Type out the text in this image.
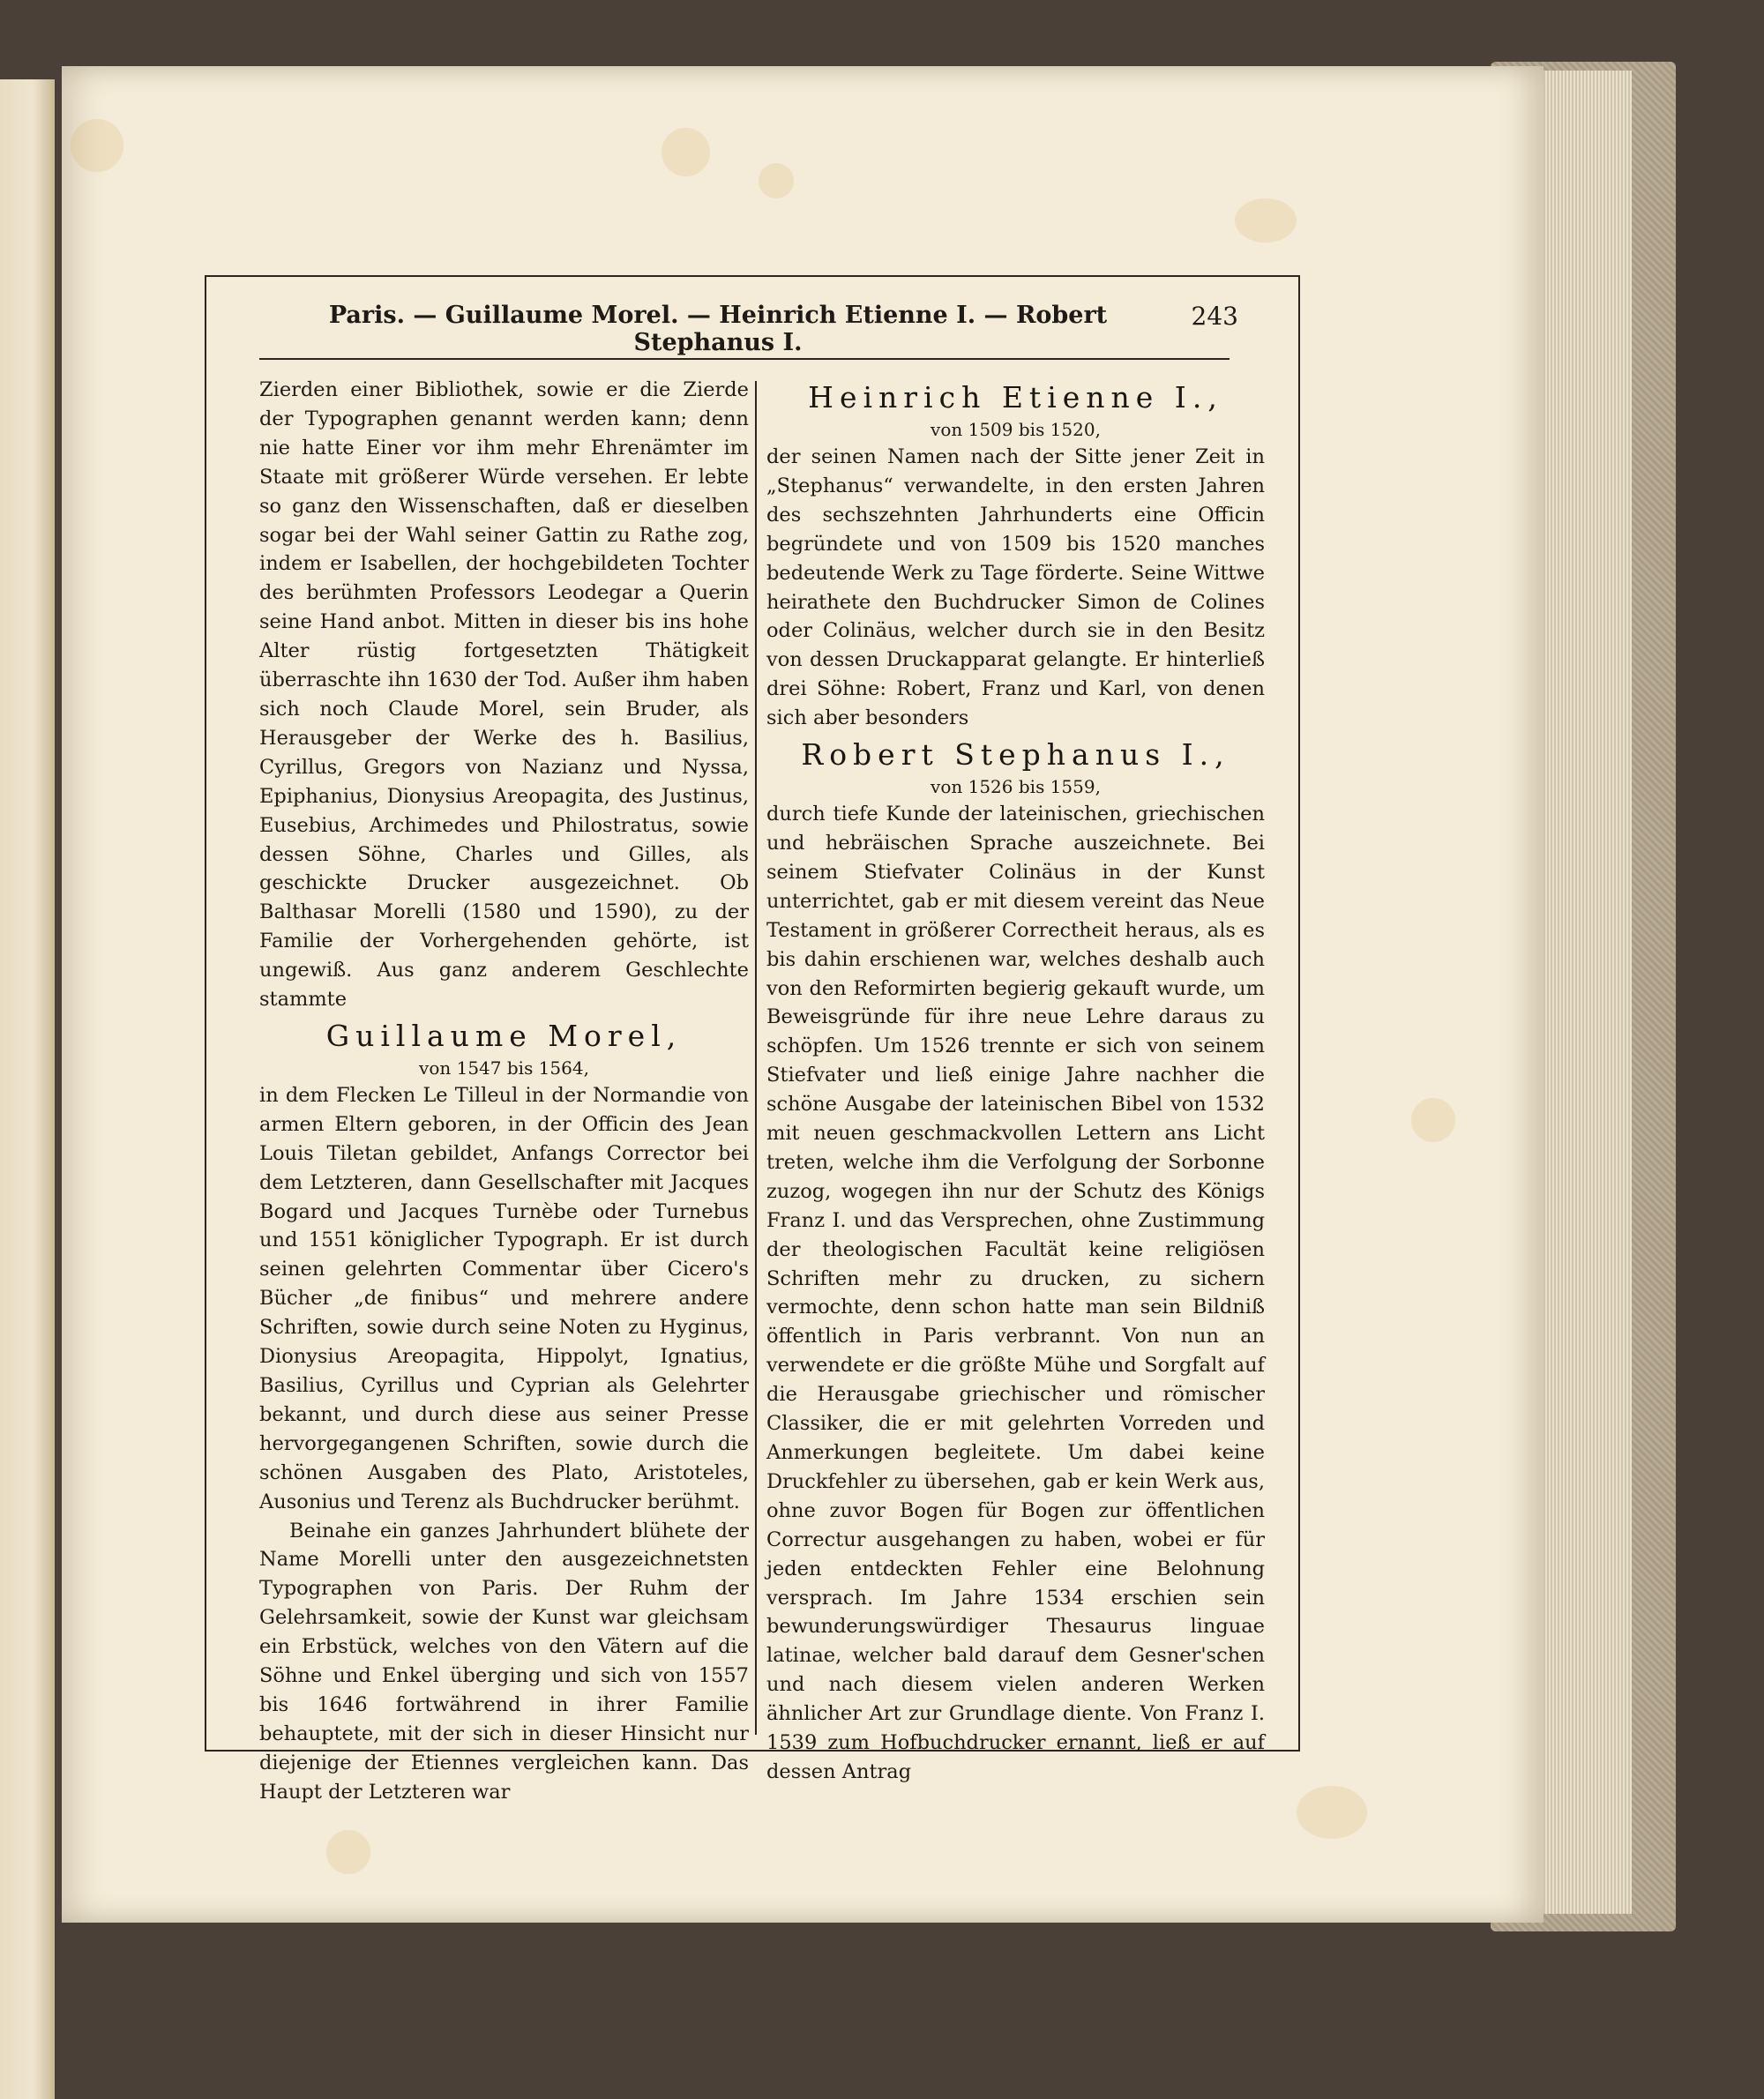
Paris. — Guillaume Morel. — Heinrich Etienne I. — Robert Stephanus I.
243

Zierden einer Bibliothek, sowie er die Zierde der Typographen genannt werden kann; denn nie hatte Einer vor ihm mehr Ehrenämter im Staate mit größerer Würde versehen. Er lebte so ganz den Wissenschaften, daß er dieselben sogar bei der Wahl seiner Gattin zu Rathe zog, indem er Isabellen, der hochgebildeten Tochter des berühmten Professors Leodegar a Querin seine Hand anbot. Mitten in dieser bis ins hohe Alter rüstig fortgesetzten Thätigkeit überraschte ihn 1630 der Tod. Außer ihm haben sich noch Claude Morel, sein Bruder, als Herausgeber der Werke des h. Basilius, Cyrillus, Gregors von Nazianz und Nyssa, Epiphanius, Dionysius Areopagita, des Justinus, Eusebius, Archimedes und Philostratus, sowie dessen Söhne, Charles und Gilles, als geschickte Drucker ausgezeichnet. Ob Balthasar Morelli (1580 und 1590), zu der Familie der Vorhergehenden gehörte, ist ungewiß. Aus ganz anderem Geschlechte stammte

Guillaume Morel,
von 1547 bis 1564,

in dem Flecken Le Tilleul in der Normandie von armen Eltern geboren, in der Officin des Jean Louis Tiletan gebildet, Anfangs Corrector bei dem Letzteren, dann Gesellschafter mit Jacques Bogard und Jacques Turnèbe oder Turnebus und 1551 königlicher Typograph. Er ist durch seinen gelehrten Commentar über Cicero's Bücher „de finibus“ und mehrere andere Schriften, sowie durch seine Noten zu Hyginus, Dionysius Areopagita, Hippolyt, Ignatius, Basilius, Cyrillus und Cyprian als Gelehrter bekannt, und durch diese aus seiner Presse hervorgegangenen Schriften, sowie durch die schönen Ausgaben des Plato, Aristoteles, Ausonius und Terenz als Buchdrucker berühmt.

Beinahe ein ganzes Jahrhundert blühete der Name Morelli unter den ausgezeichnetsten Typographen von Paris. Der Ruhm der Gelehrsamkeit, sowie der Kunst war gleichsam ein Erbstück, welches von den Vätern auf die Söhne und Enkel überging und sich von 1557 bis 1646 fortwährend in ihrer Familie behauptete, mit der sich in dieser Hinsicht nur diejenige der Etiennes vergleichen kann. Das Haupt der Letzteren war

Heinrich Etienne I.,
von 1509 bis 1520,

der seinen Namen nach der Sitte jener Zeit in „Stephanus“ verwandelte, in den ersten Jahren des sechszehnten Jahrhunderts eine Officin begründete und von 1509 bis 1520 manches bedeutende Werk zu Tage förderte. Seine Wittwe heirathete den Buchdrucker Simon de Colines oder Colinäus, welcher durch sie in den Besitz von dessen Druckapparat gelangte. Er hinterließ drei Söhne: Robert, Franz und Karl, von denen sich aber besonders

Robert Stephanus I.,
von 1526 bis 1559,

durch tiefe Kunde der lateinischen, griechischen und hebräischen Sprache auszeichnete. Bei seinem Stiefvater Colinäus in der Kunst unterrichtet, gab er mit diesem vereint das Neue Testament in größerer Correctheit heraus, als es bis dahin erschienen war, welches deshalb auch von den Reformirten begierig gekauft wurde, um Beweisgründe für ihre neue Lehre daraus zu schöpfen. Um 1526 trennte er sich von seinem Stiefvater und ließ einige Jahre nachher die schöne Ausgabe der lateinischen Bibel von 1532 mit neuen geschmackvollen Lettern ans Licht treten, welche ihm die Verfolgung der Sorbonne zuzog, wogegen ihn nur der Schutz des Königs Franz I. und das Versprechen, ohne Zustimmung der theologischen Facultät keine religiösen Schriften mehr zu drucken, zu sichern vermochte, denn schon hatte man sein Bildniß öffentlich in Paris verbrannt. Von nun an verwendete er die größte Mühe und Sorgfalt auf die Herausgabe griechischer und römischer Classiker, die er mit gelehrten Vorreden und Anmerkungen begleitete. Um dabei keine Druckfehler zu übersehen, gab er kein Werk aus, ohne zuvor Bogen für Bogen zur öffentlichen Correctur ausgehangen zu haben, wobei er für jeden entdeckten Fehler eine Belohnung versprach. Im Jahre 1534 erschien sein bewunderungswürdiger Thesaurus linguae latinae, welcher bald darauf dem Gesner'schen und nach diesem vielen anderen Werken ähnlicher Art zur Grundlage diente. Von Franz I. 1539 zum Hofbuchdrucker ernannt, ließ er auf dessen Antrag
